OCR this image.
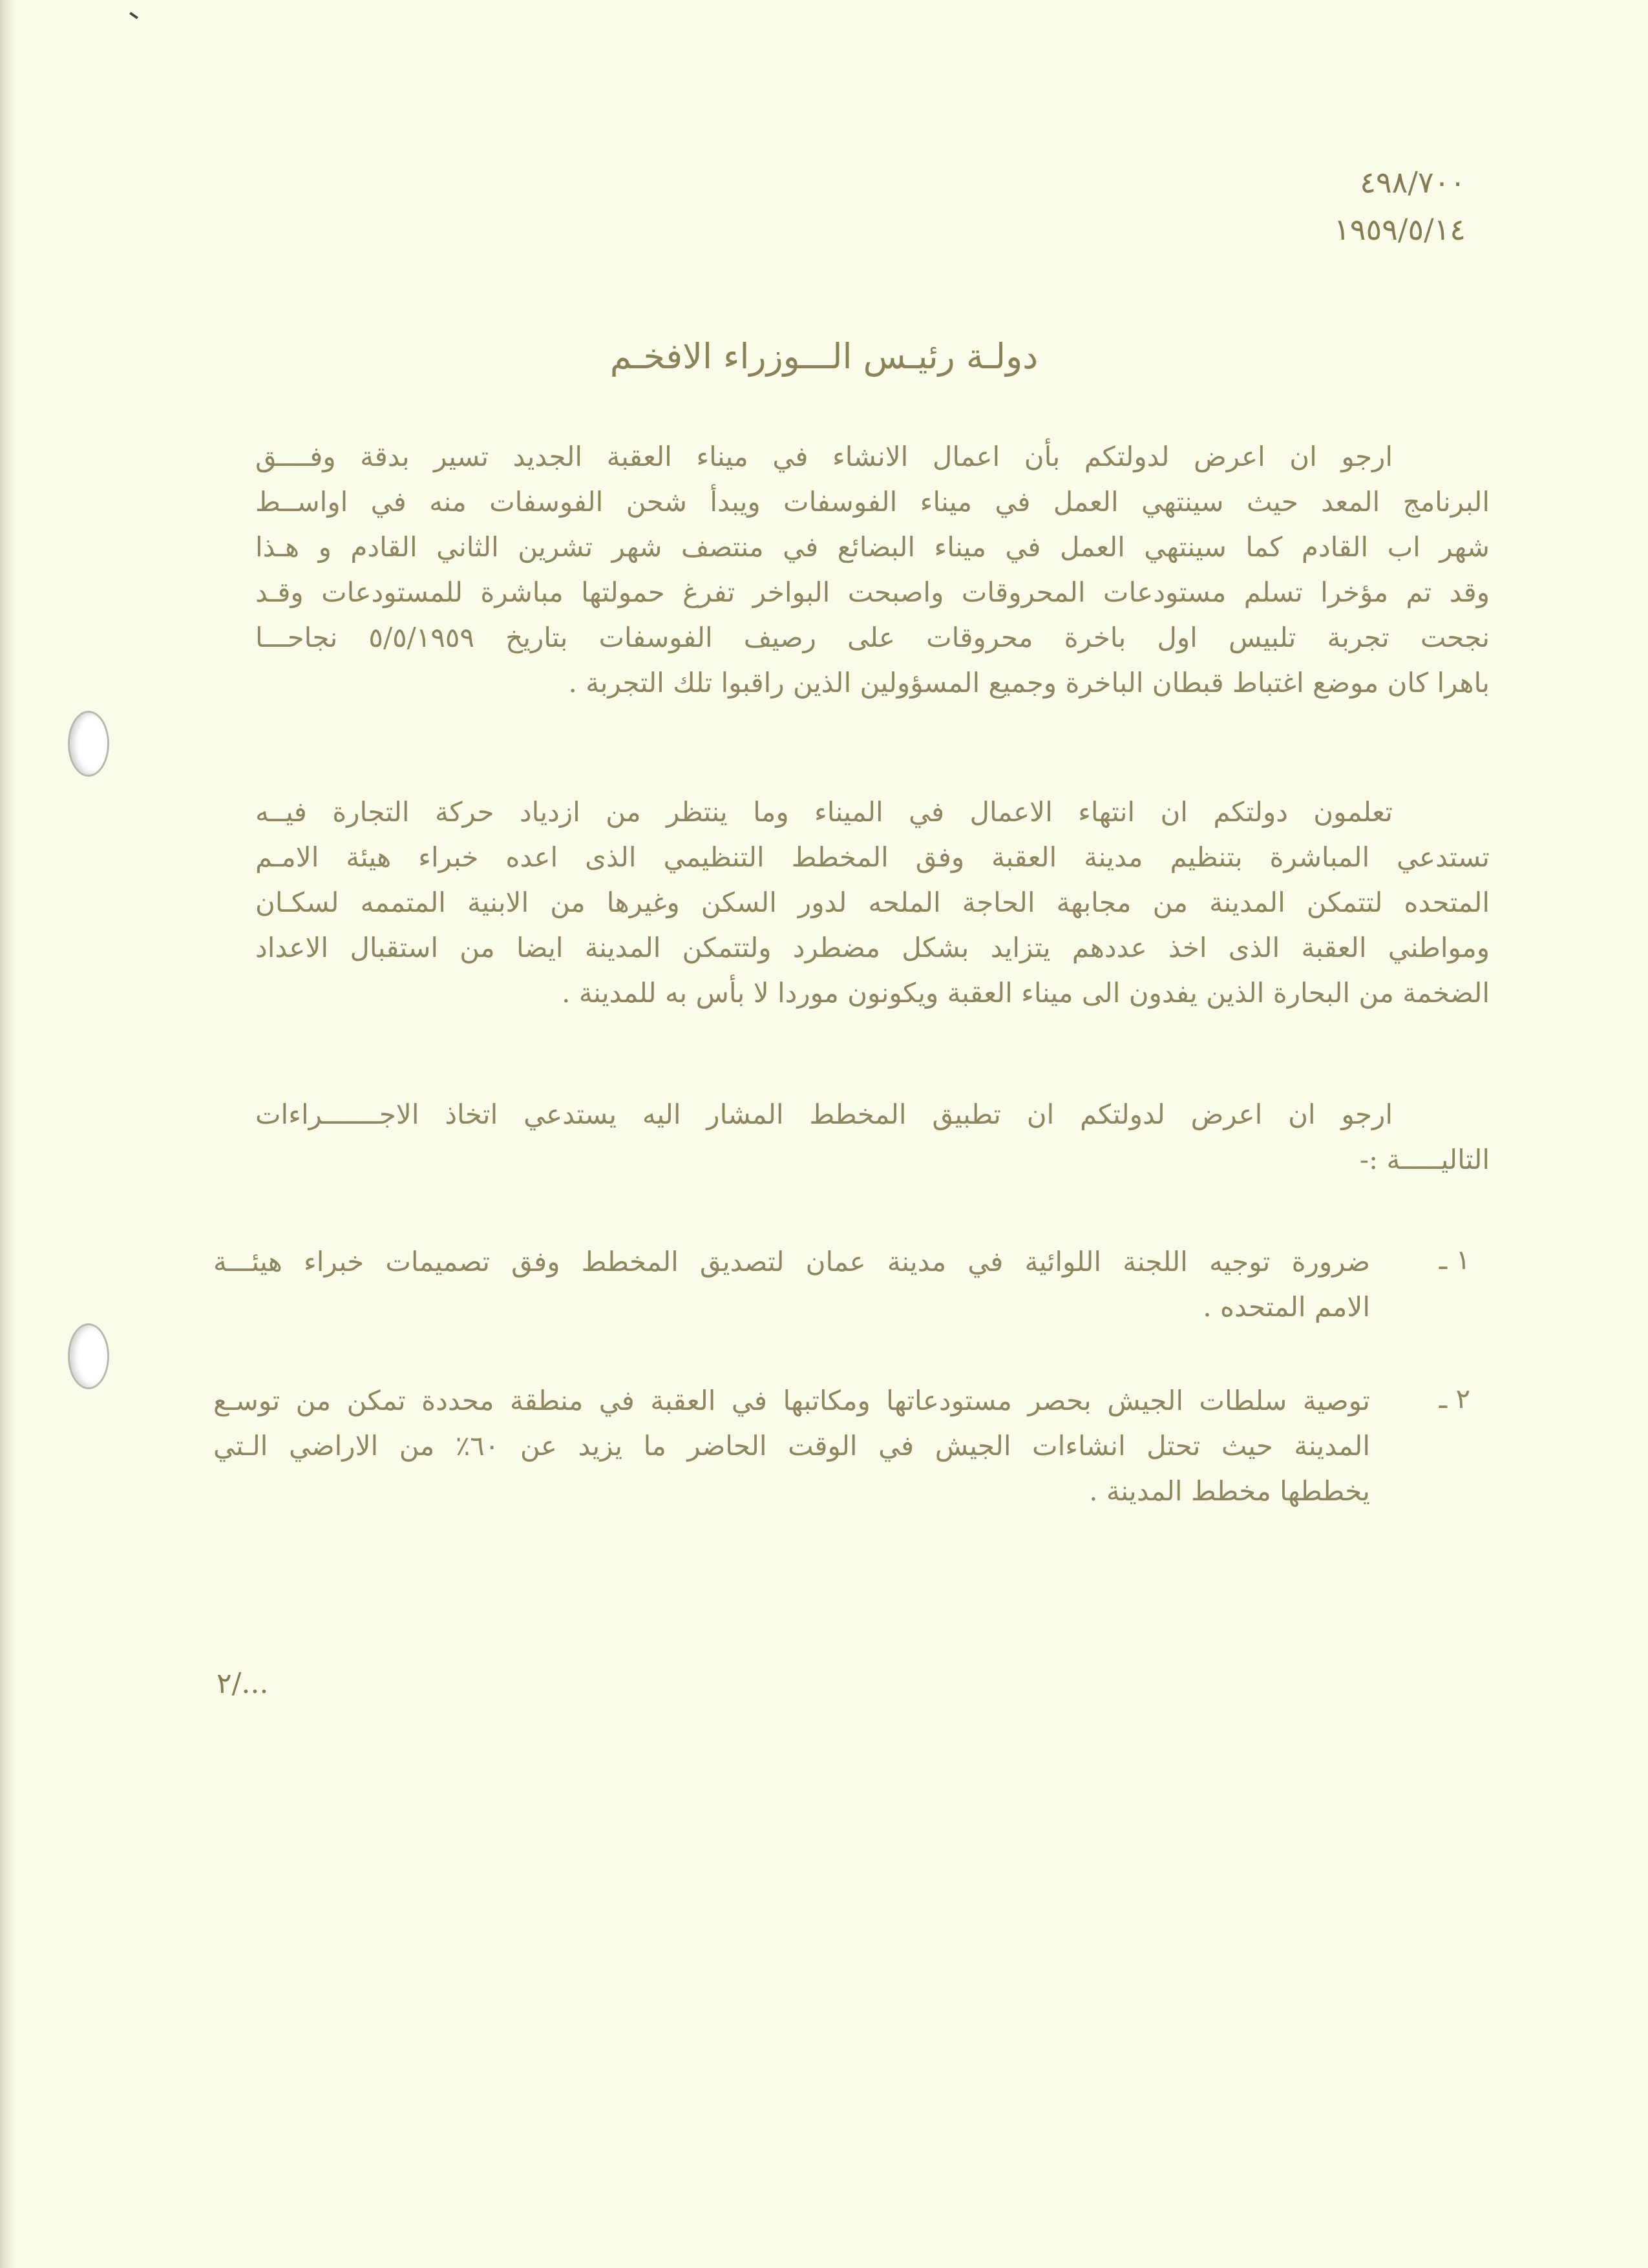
٤٩٨/٧٠٠
١٩٥٩/٥/١٤
دولـة رئيـس الـــوزراء الافخـم
ارجو ان اعرض لدولتكم بأن اعمال الانشاء في ميناء العقبة الجديد تسير بدقة وفــــق
البرنامج المعد حيث سينتهي العمل في ميناء الفوسفات ويبدأ شحن الفوسفات منه في اواســط
شهر اب القادم كما سينتهي العمل في ميناء البضائع في منتصف شهر تشرين الثاني القادم و هـذا
وقد تم مؤخرا تسلم مستودعات المحروقات واصبحت البواخر تفرغ حمولتها مباشرة للمستودعات وقـد
نجحت تجربة تلبيس اول باخرة محروقات على رصيف الفوسفات بتاريخ ٥/٥/١٩٥٩ نجاحـــا
باهرا كان موضع اغتباط قبطان الباخرة وجميع المسؤولين الذين راقبوا تلك التجربة .
تعلمون دولتكم ان انتهاء الاعمال في الميناء وما ينتظر من ازدياد حركة التجارة فيــه
تستدعي المباشرة بتنظيم مدينة العقبة وفق المخطط التنظيمي الذى اعده خبراء هيئة الامـم
المتحده لتتمكن المدينة من مجابهة الحاجة الملحه لدور السكن وغيرها من الابنية المتممه لسكـان
ومواطني العقبة الذى اخذ عددهم يتزايد بشكل مضطرد ولتتمكن المدينة ايضا من استقبال الاعداد
الضخمة من البحارة الذين يفدون الى ميناء العقبة ويكونون موردا لا بأس به للمدينة .
ارجو ان اعرض لدولتكم ان تطبيق المخطط المشار اليه يستدعي اتخاذ الاجـــــــراءات
التاليـــــة :-
١ ـ
ضرورة توجيه اللجنة اللوائية في مدينة عمان لتصديق المخطط وفق تصميمات خبراء هيئـــة
الامم المتحده .
٢ ـ
توصية سلطات الجيش بحصر مستودعاتها ومكاتبها في العقبة في منطقة محددة تمكن من توسـع
المدينة حيث تحتل انشاءات الجيش في الوقت الحاضر ما يزيد عن ٦٠٪ من الاراضي الـتي
يخططها مخطط المدينة .
٢/...
